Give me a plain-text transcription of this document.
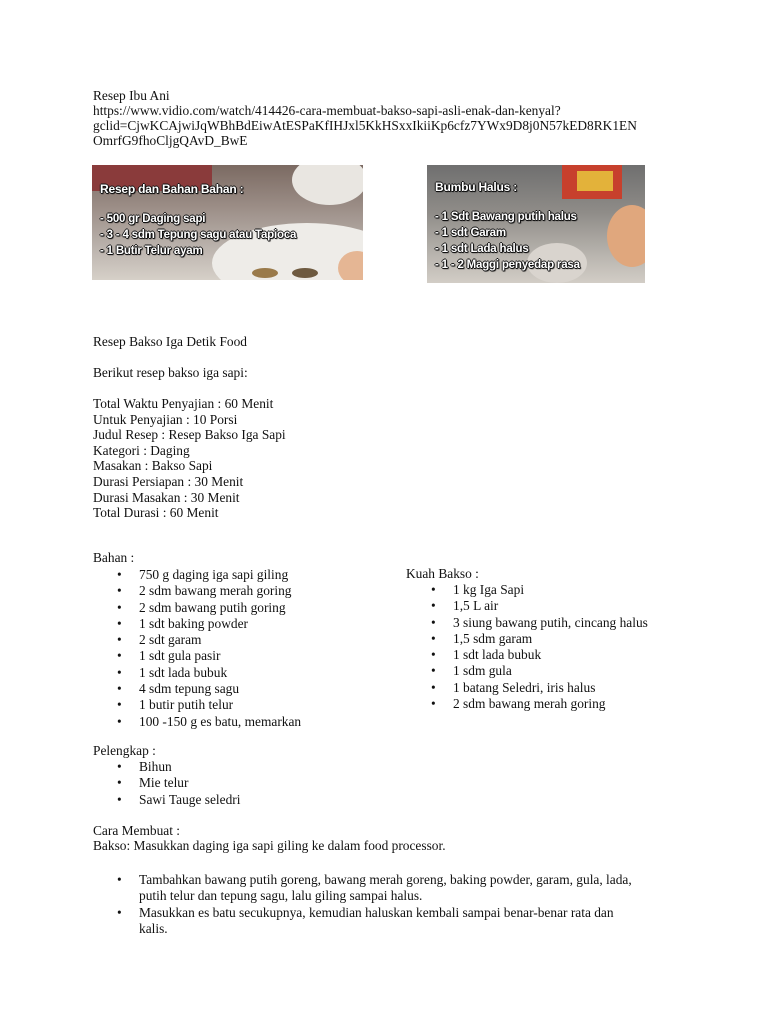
Resep Ibu Ani
https://www.vidio.com/watch/414426-cara-membuat-bakso-sapi-asli-enak-dan-kenyal?
gclid=CjwKCAjwiJqWBhBdEiwAtESPaKfIHJxl5KkHSxxIkiiKp6cfz7YWx9D8j0N57kED8RK1EN
OmrfG9fhoCljgQAvD_BwE
Resep dan Bahan Bahan :
- 500 gr Daging sapi
- 3 - 4 sdm Tepung sagu atau Tapioca
- 1 Butir Telur ayam
Bumbu Halus :
- 1 Sdt Bawang putih halus
- 1 sdt Garam
- 1 sdt Lada halus
- 1 - 2 Maggi penyedap rasa
Resep Bakso Iga Detik Food
Berikut resep bakso iga sapi:
Total Waktu Penyajian : 60 Menit
Untuk Penyajian : 10 Porsi
Judul Resep : Resep Bakso Iga Sapi
Kategori : Daging
Masakan : Bakso Sapi
Durasi Persiapan : 30 Menit
Durasi Masakan : 30 Menit
Total Durasi : 60 Menit
Bahan :
• 750 g daging iga sapi giling
• 2 sdm bawang merah goring
• 2 sdm bawang putih goring
• 1 sdt baking powder
• 2 sdt garam
• 1 sdt gula pasir
• 1 sdt lada bubuk
• 4 sdm tepung sagu
• 1 butir putih telur
• 100 -150 g es batu, memarkan
Kuah Bakso :
• 1 kg Iga Sapi
• 1,5 L air
• 3 siung bawang putih, cincang halus
• 1,5 sdm garam
• 1 sdt lada bubuk
• 1 sdm gula
• 1 batang Seledri, iris halus
• 2 sdm bawang merah goring
Pelengkap :
• Bihun
• Mie telur
• Sawi Tauge seledri
Cara Membuat :
Bakso: Masukkan daging iga sapi giling ke dalam food processor.
• Tambahkan bawang putih goreng, bawang merah goreng, baking powder, garam, gula, lada,
putih telur dan tepung sagu, lalu giling sampai halus.
• Masukkan es batu secukupnya, kemudian haluskan kembali sampai benar-benar rata dan
kalis.
